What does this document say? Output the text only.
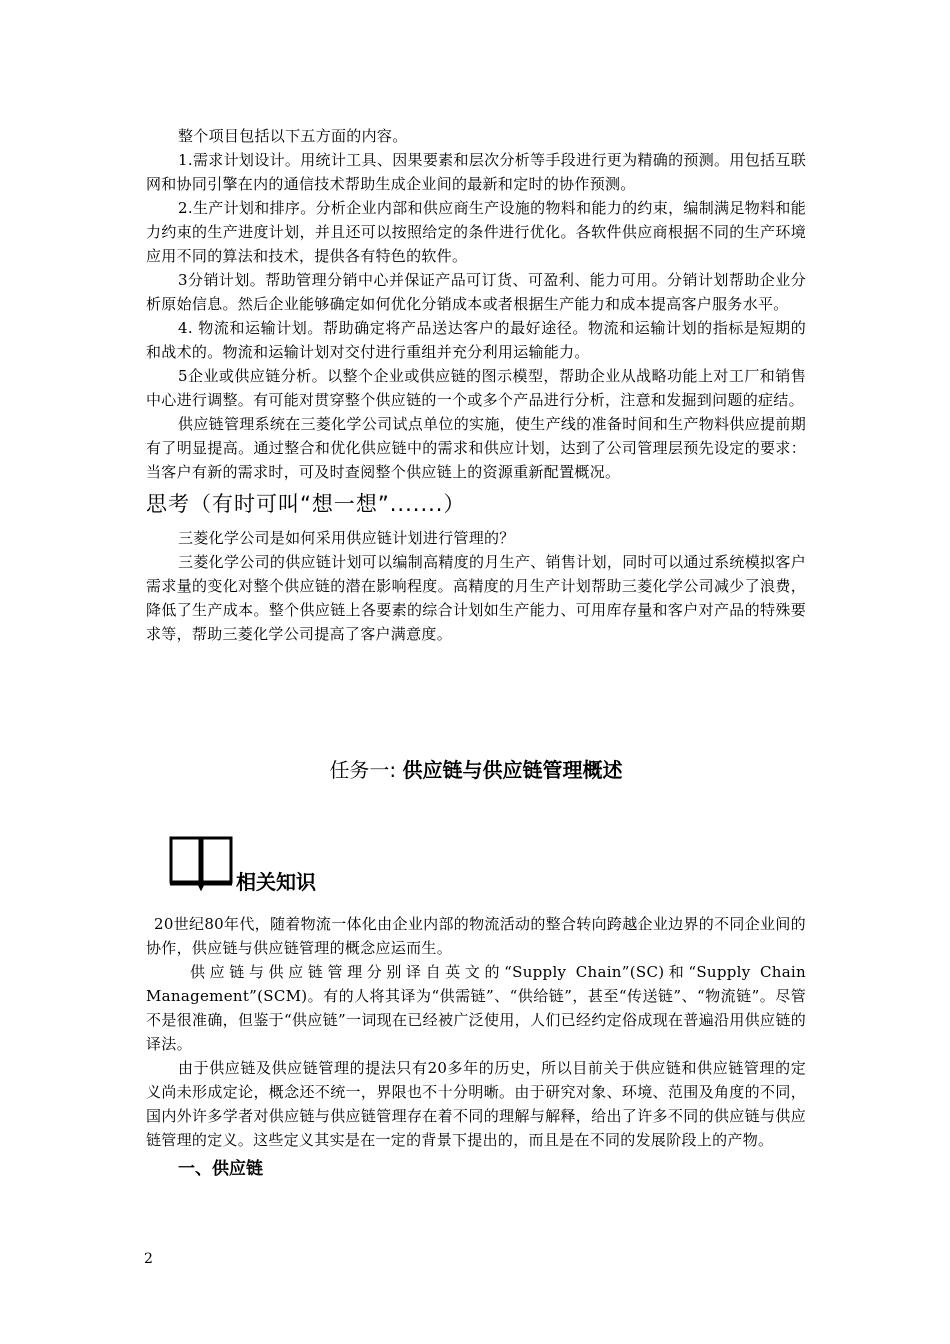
整个项目包括以下五方面的内容。

1.需求计划设计。用统计工具、因果要素和层次分析等手段进行更为精确的预测。用包括互联网和协同引擎在内的通信技术帮助生成企业间的最新和定时的协作预测。

2.生产计划和排序。分析企业内部和供应商生产设施的物料和能力的约束，编制满足物料和能力约束的生产进度计划，并且还可以按照给定的条件进行优化。各软件供应商根据不同的生产环境应用不同的算法和技术，提供各有特色的软件。

3分销计划。帮助管理分销中心并保证产品可订货、可盈利、能力可用。分销计划帮助企业分析原始信息。然后企业能够确定如何优化分销成本或者根据生产能力和成本提高客户服务水平。

4. 物流和运输计划。帮助确定将产品送达客户的最好途径。物流和运输计划的指标是短期的和战术的。物流和运输计划对交付进行重组并充分利用运输能力。

5企业或供应链分析。以整个企业或供应链的图示模型，帮助企业从战略功能上对工厂和销售中心进行调整。有可能对贯穿整个供应链的一个或多个产品进行分析，注意和发掘到问题的症结。

供应链管理系统在三菱化学公司试点单位的实施，使生产线的准备时间和生产物料供应提前期有了明显提高。通过整合和优化供应链中的需求和供应计划，达到了公司管理层预先设定的要求：当客户有新的需求时，可及时查阅整个供应链上的资源重新配置概况。

思考（有时可叫“想一想”.......）

三菱化学公司是如何采用供应链计划进行管理的？

三菱化学公司的供应链计划可以编制高精度的月生产、销售计划，同时可以通过系统模拟客户需求量的变化对整个供应链的潜在影响程度。高精度的月生产计划帮助三菱化学公司减少了浪费，降低了生产成本。整个供应链上各要素的综合计划如生产能力、可用库存量和客户对产品的特殊要求等，帮助三菱化学公司提高了客户满意度。

任务一: 供应链与供应链管理概述
相关知识

20世纪80年代，随着物流一体化由企业内部的物流活动的整合转向跨越企业边界的不同企业间的协作，供应链与供应链管理的概念应运而生。

供应链与供应链管理分别译自英文的“Supply Chain”(SC)和“Supply Chain Management”(SCM)。有的人将其译为“供需链”、“供给链”，甚至“传送链”、“物流链”。尽管不是很准确，但鉴于“供应链”一词现在已经被广泛使用，人们已经约定俗成现在普遍沿用供应链的译法。

由于供应链及供应链管理的提法只有20多年的历史，所以目前关于供应链和供应链管理的定义尚未形成定论，概念还不统一，界限也不十分明晰。由于研究对象、环境、范围及角度的不同，国内外许多学者对供应链与供应链管理存在着不同的理解与解释，给出了许多不同的供应链与供应链管理的定义。这些定义其实是在一定的背景下提出的，而且是在不同的发展阶段上的产物。

一、供应链
2
